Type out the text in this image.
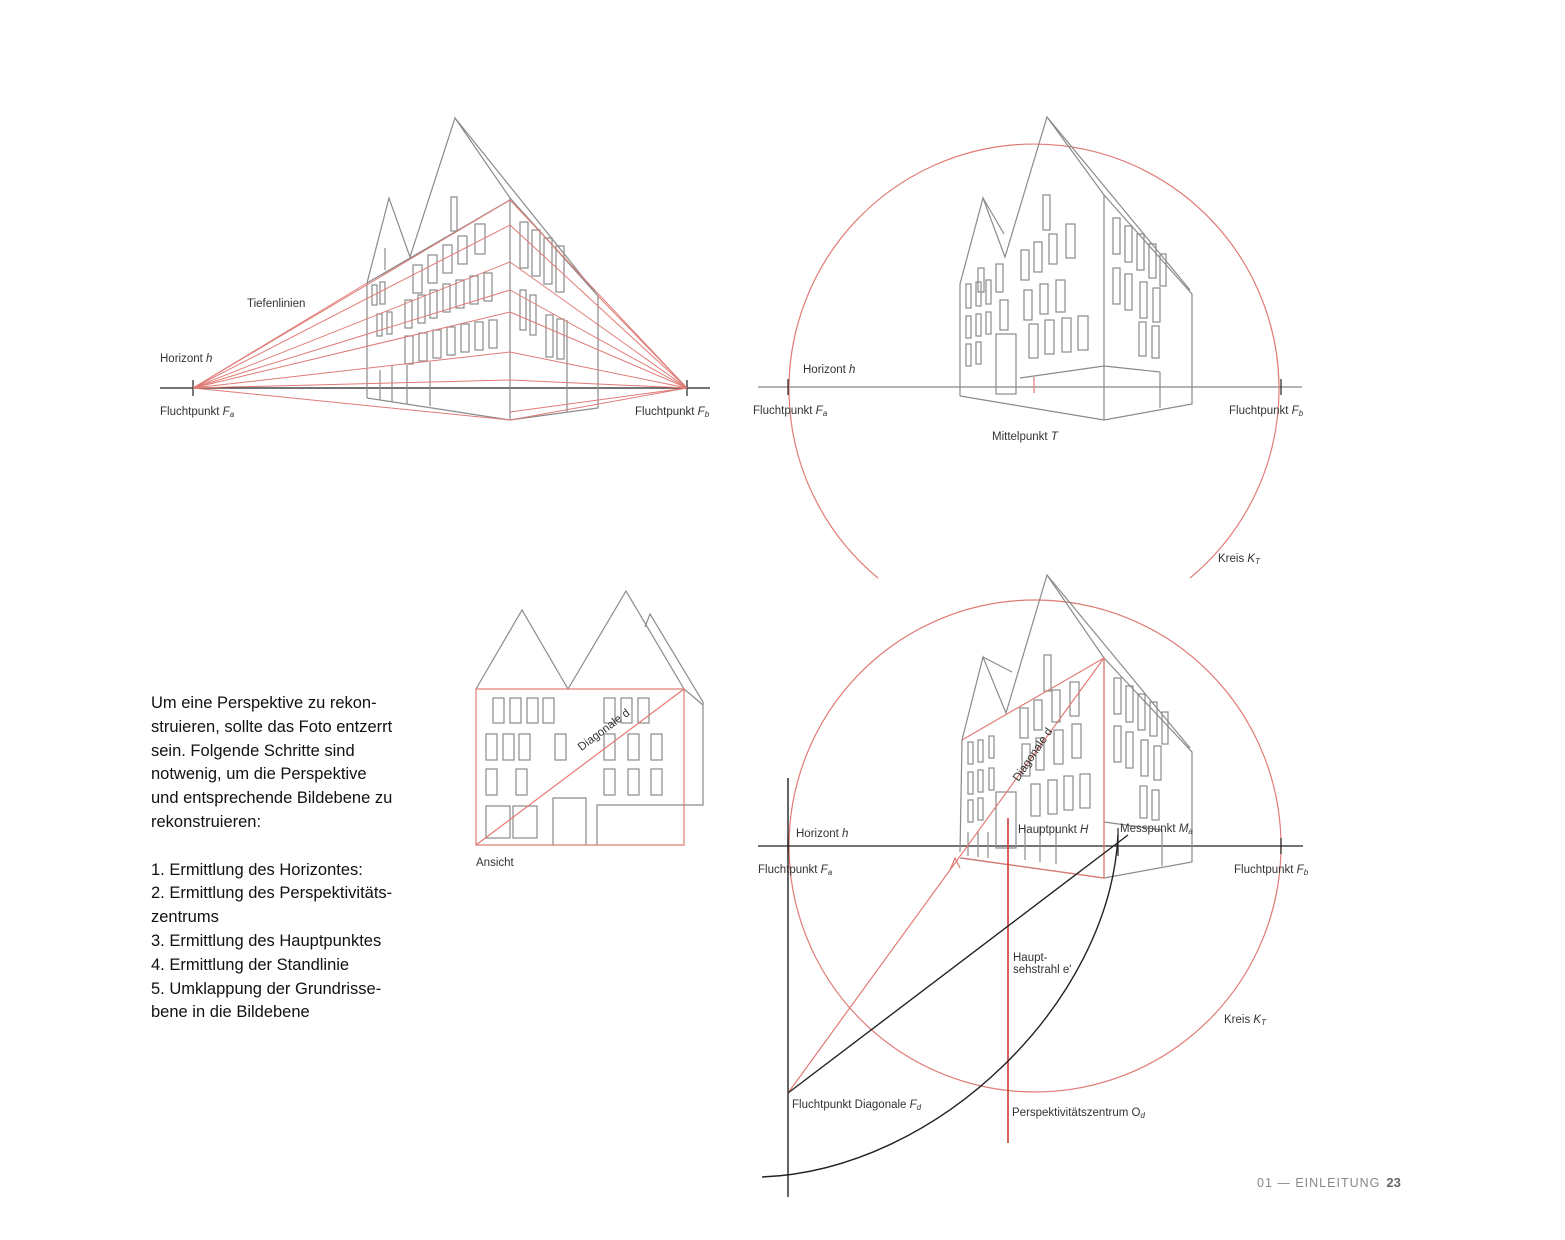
Tiefenlinien
Horizont h
Fluchtpunkt $F_a$	Fluchtpunkt $F_b$
Horizont h
Fluchtpunkt $F_a$	Fluchtpunkt $F_b$
Mittelpunkt T
Kreis $K_T$
Diagonale d
Ansicht
Diagonale d
Horizont h	Hauptpunkt H	Messpunkt $M_a$
Fluchtpunkt $F_a$	Fluchtpunkt $F_b$
Haupt-
sehstrahl e'
Kreis $K_T$
Fluchtpunkt Diagonale $F_d$	Perspektivitätszentrum $O_d$

Um eine Perspektive zu rekon-

struieren, sollte das Foto entzerrt

sein. Folgende Schritte sind

notwenig, um die Perspektive

und entsprechende Bildebene zu

rekonstruieren:

1. Ermittlung des Horizontes:

2. Ermittlung des Perspektivitäts-

zentrums

3. Ermittlung des Hauptpunktes

4. Ermittlung der Standlinie

5. Umklappung der Grundrisse-

bene in die Bildebene

01 — EINLEITUNG 23
